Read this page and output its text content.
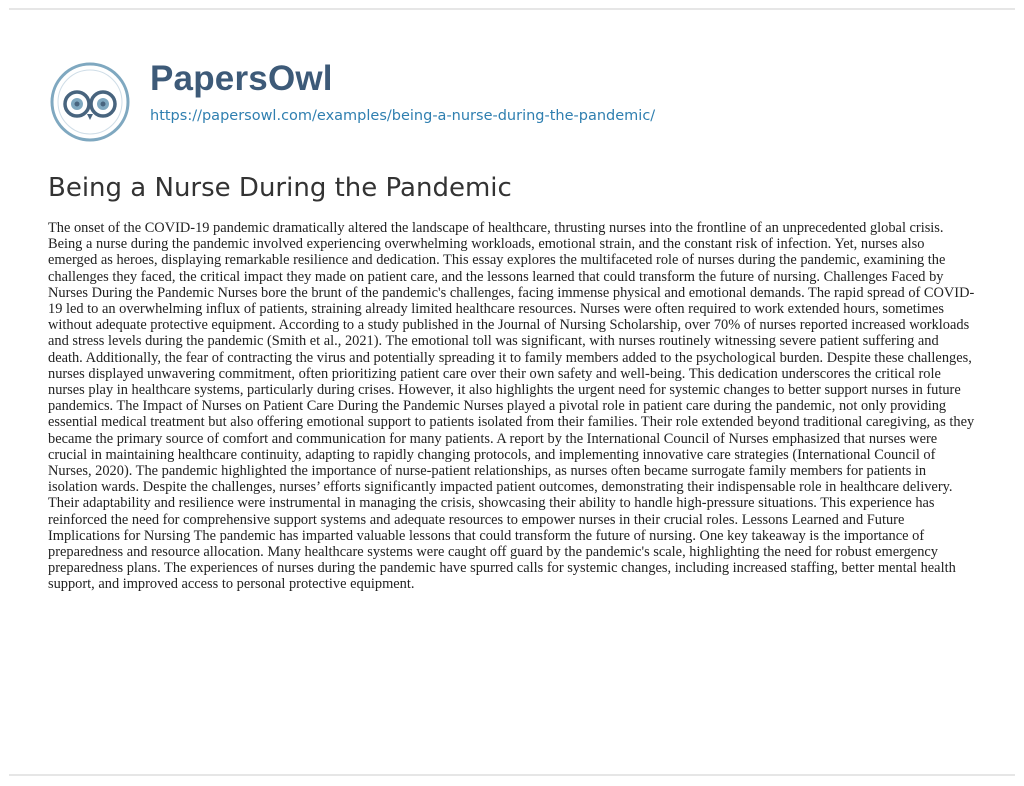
PapersOwl
https://papersowl.com/examples/being-a-nurse-during-the-pandemic/
Being a Nurse During the Pandemic

The onset of the COVID-19 pandemic dramatically altered the landscape of healthcare, thrusting nurses into the frontline of an unprecedented global crisis. Being a nurse during the pandemic involved experiencing overwhelming workloads, emotional strain, and the constant risk of infection. Yet, nurses also emerged as heroes, displaying remarkable resilience and dedication. This essay explores the multifaceted role of nurses during the pandemic, examining the challenges they faced, the critical impact they made on patient care, and the lessons learned that could transform the future of nursing. Challenges Faced by Nurses During the Pandemic Nurses bore the brunt of the pandemic's challenges, facing immense physical and emotional demands. The rapid spread of COVID-19 led to an overwhelming influx of patients, straining already limited healthcare resources. Nurses were often required to work extended hours, sometimes without adequate protective equipment. According to a study published in the Journal of Nursing Scholarship, over 70% of nurses reported increased workloads and stress levels during the pandemic (Smith et al., 2021). The emotional toll was significant, with nurses routinely witnessing severe patient suffering and death. Additionally, the fear of contracting the virus and potentially spreading it to family members added to the psychological burden. Despite these challenges, nurses displayed unwavering commitment, often prioritizing patient care over their own safety and well-being. This dedication underscores the critical role nurses play in healthcare systems, particularly during crises. However, it also highlights the urgent need for systemic changes to better support nurses in future pandemics. The Impact of Nurses on Patient Care During the Pandemic Nurses played a pivotal role in patient care during the pandemic, not only providing essential medical treatment but also offering emotional support to patients isolated from their families. Their role extended beyond traditional caregiving, as they became the primary source of comfort and communication for many patients. A report by the International Council of Nurses emphasized that nurses were crucial in maintaining healthcare continuity, adapting to rapidly changing protocols, and implementing innovative care strategies (International Council of Nurses, 2020). The pandemic highlighted the importance of nurse-patient relationships, as nurses often became surrogate family members for patients in isolation wards. Despite the challenges, nurses’ efforts significantly impacted patient outcomes, demonstrating their indispensable role in healthcare delivery. Their adaptability and resilience were instrumental in managing the crisis, showcasing their ability to handle high-pressure situations. This experience has reinforced the need for comprehensive support systems and adequate resources to empower nurses in their crucial roles. Lessons Learned and Future Implications for Nursing The pandemic has imparted valuable lessons that could transform the future of nursing. One key takeaway is the importance of preparedness and resource allocation. Many healthcare systems were caught off guard by the pandemic's scale, highlighting the need for robust emergency preparedness plans. The experiences of nurses during the pandemic have spurred calls for systemic changes, including increased staffing, better mental health support, and improved access to personal protective equipment.
